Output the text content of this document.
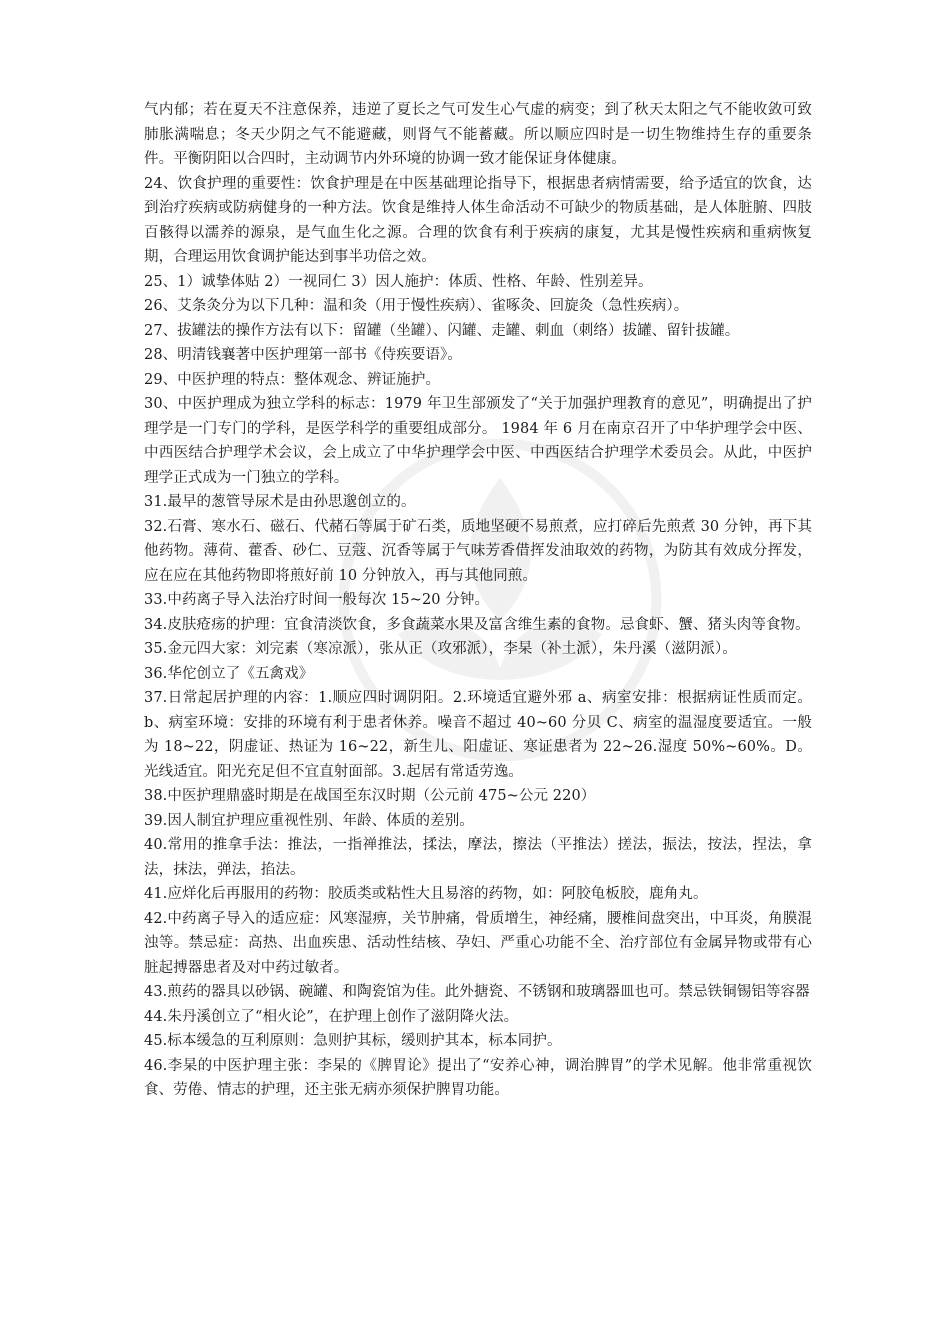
气内郁；若在夏天不注意保养，违逆了夏长之气可发生心气虚的病变；到了秋天太阳之气不能收敛可致肺胀满喘息；冬天少阴之气不能避藏，则肾气不能蓄藏。所以顺应四时是一切生物维持生存的重要条件。平衡阴阳以合四时，主动调节内外环境的协调一致才能保证身体健康。

24、饮食护理的重要性：饮食护理是在中医基础理论指导下，根据患者病情需要，给予适宜的饮食，达到治疗疾病或防病健身的一种方法。饮食是维持人体生命活动不可缺少的物质基础，是人体脏腑、四肢百骸得以濡养的源泉，是气血生化之源。合理的饮食有利于疾病的康复，尤其是慢性疾病和重病恢复期，合理运用饮食调护能达到事半功倍之效。

25、1）诚挚体贴 2）一视同仁 3）因人施护：体质、性格、年龄、性别差异。

26、艾条灸分为以下几种：温和灸（用于慢性疾病）、雀啄灸、回旋灸（急性疾病）。

27、拔罐法的操作方法有以下：留罐（坐罐）、闪罐、走罐、刺血（刺络）拔罐、留针拔罐。

28、明清钱襄著中医护理第一部书《侍疾要语》。

29、中医护理的特点：整体观念、辨证施护。

30、中医护理成为独立学科的标志：1979 年卫生部颁发了“关于加强护理教育的意见”，明确提出了护理学是一门专门的学科，是医学科学的重要组成部分。 1984 年 6 月在南京召开了中华护理学会中医、中西医结合护理学术会议，会上成立了中华护理学会中医、中西医结合护理学术委员会。从此，中医护理学正式成为一门独立的学科。

31.最早的葱管导尿术是由孙思邈创立的。

32.石膏、寒水石、磁石、代赭石等属于矿石类，质地坚硬不易煎煮，应打碎后先煎煮 30 分钟，再下其他药物。薄荷、藿香、砂仁、豆蔻、沉香等属于气味芳香借挥发油取效的药物，为防其有效成分挥发，应在应在其他药物即将煎好前 10 分钟放入，再与其他同煎。

33.中药离子导入法治疗时间一般每次 15~20 分钟。

34.皮肤疮疡的护理：宜食清淡饮食，多食蔬菜水果及富含维生素的食物。忌食虾、蟹、猪头肉等食物。

35.金元四大家：刘完素（寒凉派），张从正（攻邪派），李杲（补土派），朱丹溪（滋阴派）。

36.华佗创立了《五禽戏》

37.日常起居护理的内容：1.顺应四时调阴阳。2.环境适宜避外邪 a、病室安排：根据病证性质而定。b、病室环境：安排的环境有利于患者休养。噪音不超过 40~60 分贝 C、病室的温湿度要适宜。一般为 18~22，阴虚证、热证为 16~22，新生儿、阳虚证、寒证患者为 22~26.湿度 50%~60%。D。光线适宜。阳光充足但不宜直射面部。3.起居有常适劳逸。

38.中医护理鼎盛时期是在战国至东汉时期（公元前 475~公元 220）

39.因人制宜护理应重视性别、年龄、体质的差别。

40.常用的推拿手法：推法，一指禅推法，揉法，摩法，擦法（平推法）搓法，振法，按法，捏法，拿法，抹法，弹法，掐法。

41.应烊化后再服用的药物：胶质类或粘性大且易溶的药物，如：阿胶龟板胶，鹿角丸。

42.中药离子导入的适应症：风寒湿痹，关节肿痛，骨质增生，神经痛，腰椎间盘突出，中耳炎，角膜混浊等。禁忌症：高热、出血疾患、活动性结核、孕妇、严重心功能不全、治疗部位有金属异物或带有心脏起搏器患者及对中药过敏者。

43.煎药的器具以砂锅、碗罐、和陶瓷馆为佳。此外搪瓷、不锈钢和玻璃器皿也可。禁忌铁铜锡铝等容器

44.朱丹溪创立了“相火论”，在护理上创作了滋阴降火法。

45.标本缓急的互利原则：急则护其标，缓则护其本，标本同护。

46.李杲的中医护理主张：李杲的《脾胃论》提出了“安养心神，调治脾胃”的学术见解。他非常重视饮食、劳倦、情志的护理，还主张无病亦须保护脾胃功能。
